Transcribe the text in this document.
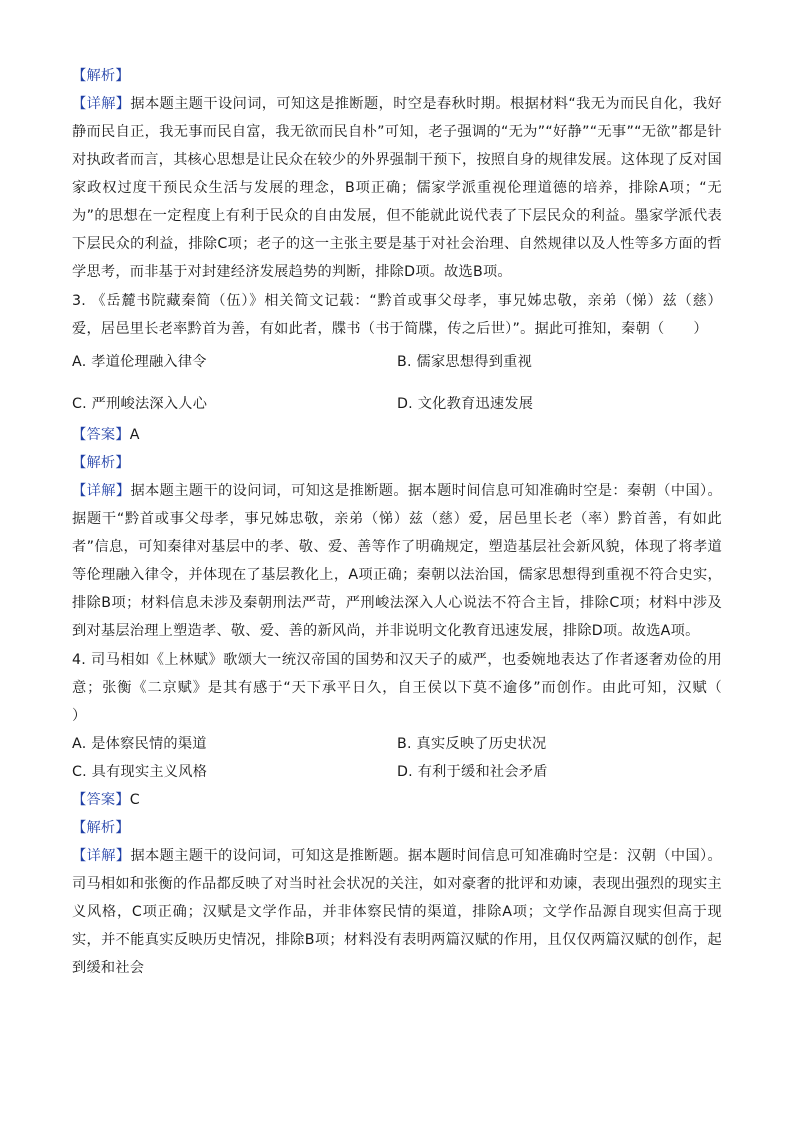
【解析】

【详解】据本题主题干设问词，可知这是推断题，时空是春秋时期。根据材料“我无为而民自化，我好静而民自正，我无事而民自富，我无欲而民自朴”可知，老子强调的“无为”“好静”“无事”“无欲”都是针对执政者而言，其核心思想是让民众在较少的外界强制干预下，按照自身的规律发展。这体现了反对国家政权过度干预民众生活与发展的理念，B项正确；儒家学派重视伦理道德的培养，排除A项；“无为”的思想在一定程度上有利于民众的自由发展，但不能就此说代表了下层民众的利益。墨家学派代表下层民众的利益，排除C项；老子的这一主张主要是基于对社会治理、自然规律以及人性等多方面的哲学思考，而非基于对封建经济发展趋势的判断，排除D项。故选B项。

3. 《岳麓书院藏秦简（伍）》相关简文记载：“黔首或事父母孝，事兄姊忠敬，亲弟（悌）兹（慈）爱，居邑里长老率黔首为善，有如此者，牒书（书于简牒，传之后世）”。据此可推知，秦朝（　　）

A. 孝道伦理融入律令	B. 儒家思想得到重视
C. 严刑峻法深入人心	D. 文化教育迅速发展

【答案】A

【解析】

【详解】据本题主题干的设问词，可知这是推断题。据本题时间信息可知准确时空是：秦朝（中国）。据题干“黔首或事父母孝，事兄姊忠敬，亲弟（悌）兹（慈）爱，居邑里长老（率）黔首善，有如此者”信息，可知秦律对基层中的孝、敬、爱、善等作了明确规定，塑造基层社会新风貌，体现了将孝道等伦理融入律令，并体现在了基层教化上，A项正确；秦朝以法治国，儒家思想得到重视不符合史实，排除B项；材料信息未涉及秦朝刑法严苛，严刑峻法深入人心说法不符合主旨，排除C项；材料中涉及到对基层治理上塑造孝、敬、爱、善的新风尚，并非说明文化教育迅速发展，排除D项。故选A项。

4. 司马相如《上林赋》歌颂大一统汉帝国的国势和汉天子的威严，也委婉地表达了作者逐奢劝俭的用意；张衡《二京赋》是其有感于“天下承平日久，自王侯以下莫不逾侈”而创作。由此可知，汉赋（　　）

A. 是体察民情的渠道	B. 真实反映了历史状况
C. 具有现实主义风格	D. 有利于缓和社会矛盾

【答案】C

【解析】

【详解】据本题主题干的设问词，可知这是推断题。据本题时间信息可知准确时空是：汉朝（中国）。司马相如和张衡的作品都反映了对当时社会状况的关注，如对豪奢的批评和劝谏，表现出强烈的现实主义风格，C项正确；汉赋是文学作品，并非体察民情的渠道，排除A项；文学作品源自现实但高于现实，并不能真实反映历史情况，排除B项；材料没有表明两篇汉赋的作用，且仅仅两篇汉赋的创作，起到缓和社会
